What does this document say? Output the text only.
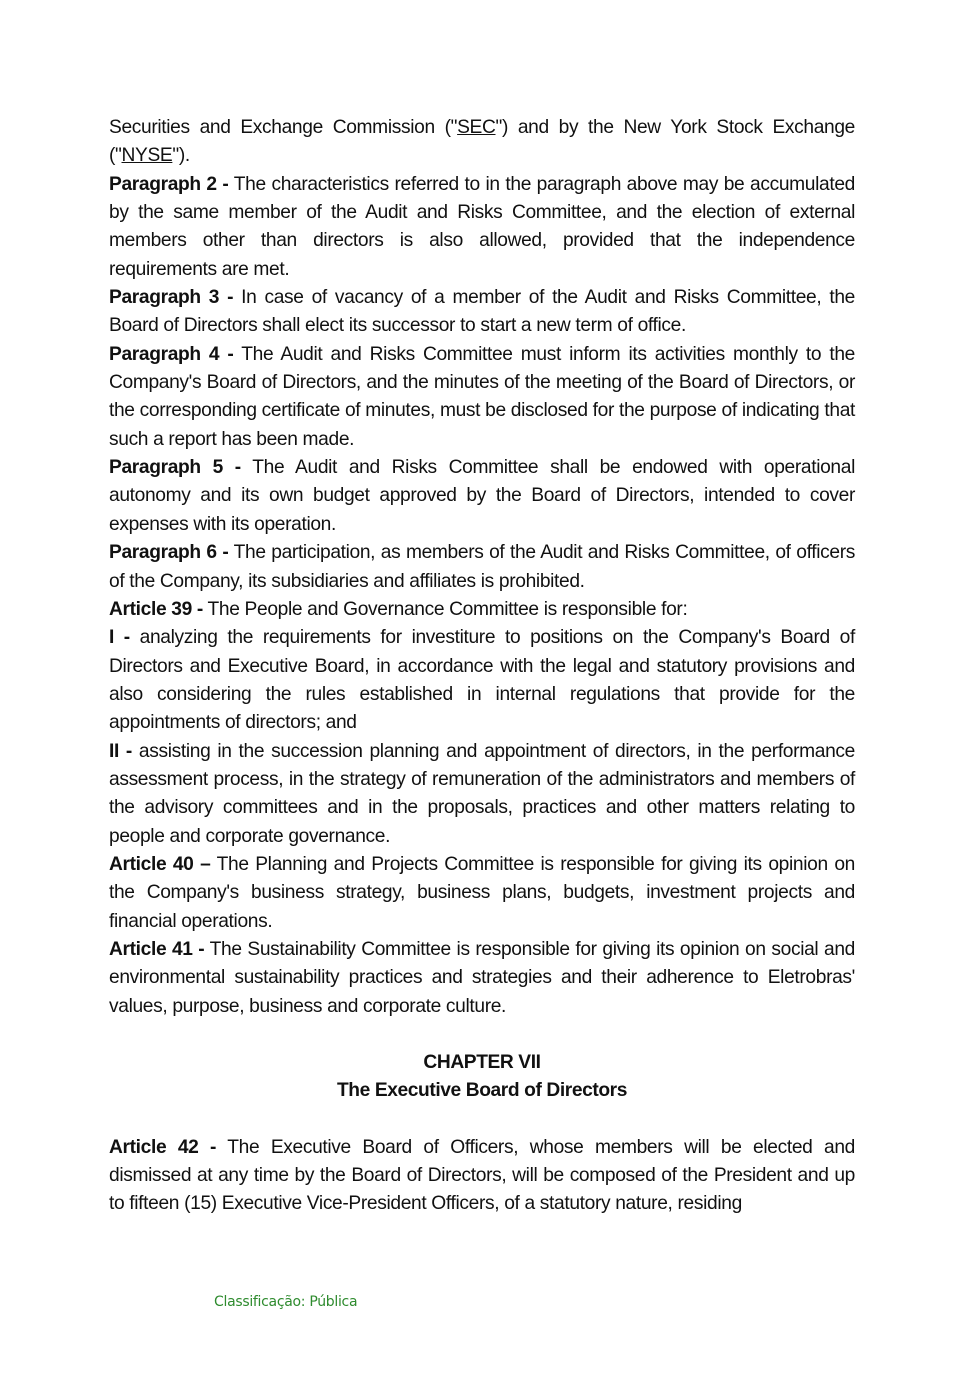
Securities and Exchange Commission ("SEC") and by the New York Stock Exchange ("NYSE").

Paragraph 2 - The characteristics referred to in the paragraph above may be accumulated by the same member of the Audit and Risks Committee, and the election of external members other than directors is also allowed, provided that the independence requirements are met.

Paragraph 3 - In case of vacancy of a member of the Audit and Risks Committee, the Board of Directors shall elect its successor to start a new term of office.

Paragraph 4 - The Audit and Risks Committee must inform its activities monthly to the Company's Board of Directors, and the minutes of the meeting of the Board of Directors, or the corresponding certificate of minutes, must be disclosed for the purpose of indicating that such a report has been made.

Paragraph 5 - The Audit and Risks Committee shall be endowed with operational autonomy and its own budget approved by the Board of Directors, intended to cover expenses with its operation.

Paragraph 6 - The participation, as members of the Audit and Risks Committee, of officers of the Company, its subsidiaries and affiliates is prohibited.

Article 39 - The People and Governance Committee is responsible for:

I - analyzing the requirements for investiture to positions on the Company's Board of Directors and Executive Board, in accordance with the legal and statutory provisions and also considering the rules established in internal regulations that provide for the appointments of directors; and

II - assisting in the succession planning and appointment of directors, in the performance assessment process, in the strategy of remuneration of the administrators and members of the advisory committees and in the proposals, practices and other matters relating to people and corporate governance.

Article 40 – The Planning and Projects Committee is responsible for giving its opinion on the Company's business strategy, business plans, budgets, investment projects and financial operations.

Article 41 - The Sustainability Committee is responsible for giving its opinion on social and environmental sustainability practices and strategies and their adherence to Eletrobras' values, purpose, business and corporate culture.

CHAPTER VII

The Executive Board of Directors

Article 42 - The Executive Board of Officers, whose members will be elected and dismissed at any time by the Board of Directors, will be composed of the President and up to fifteen (15) Executive Vice-President Officers, of a statutory nature, residing

Classificação: Pública
